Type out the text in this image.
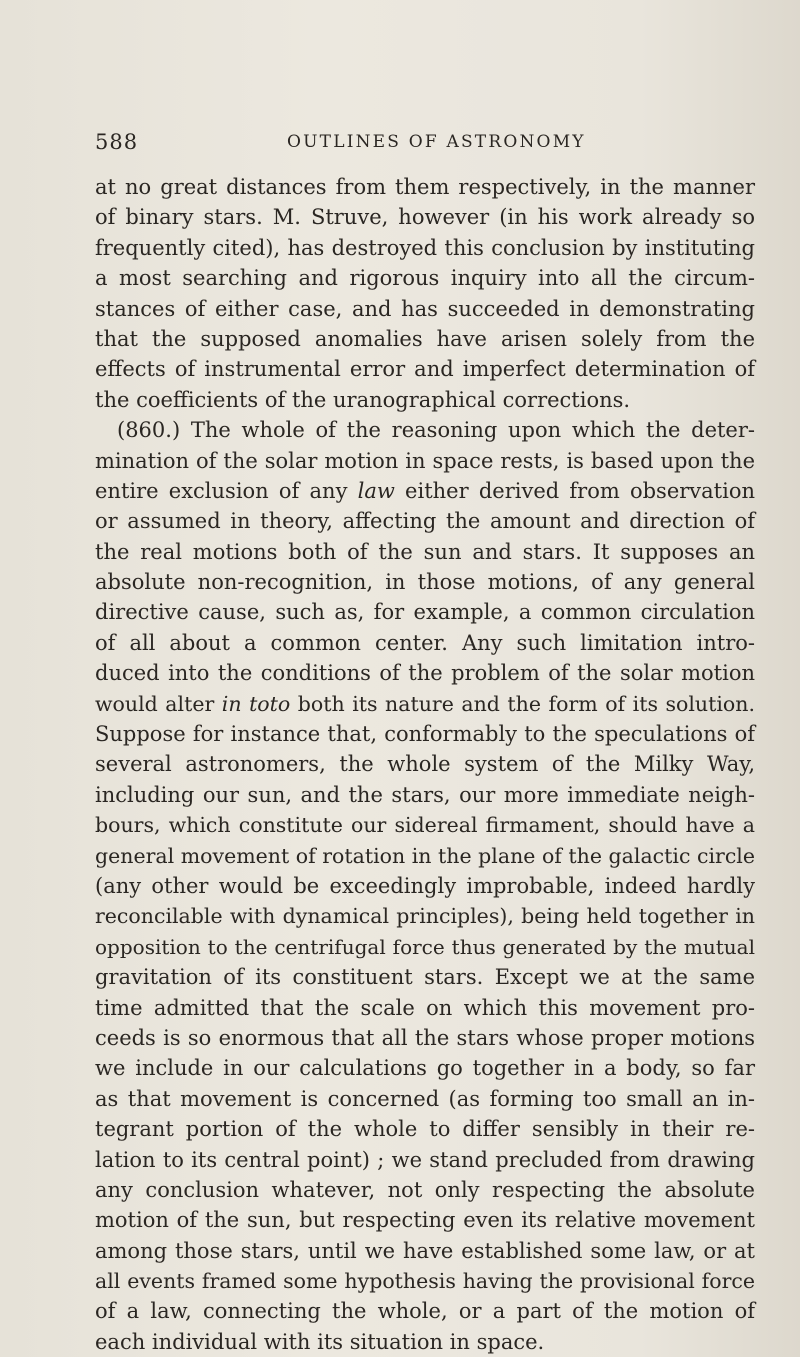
588	OUTLINES OF ASTRONOMY
at no great distances from them respectively, in the manner
of binary stars. M. Struve, however (in his work already so
frequently cited), has destroyed this conclusion by instituting
a most searching and rigorous inquiry into all the circum-
stances of either case, and has succeeded in demonstrating
that the supposed anomalies have arisen solely from the
effects of instrumental error and imperfect determination of
the coefficients of the uranographical corrections.
(860.) The whole of the reasoning upon which the deter-
mination of the solar motion in space rests, is based upon the
entire exclusion of any law either derived from observation
or assumed in theory, affecting the amount and direction of
the real motions both of the sun and stars. It supposes an
absolute non-recognition, in those motions, of any general
directive cause, such as, for example, a common circulation
of all about a common center. Any such limitation intro-
duced into the conditions of the problem of the solar motion
would alter in toto both its nature and the form of its solution.
Suppose for instance that, conformably to the speculations of
several astronomers, the whole system of the Milky Way,
including our sun, and the stars, our more immediate neigh-
bours, which constitute our sidereal firmament, should have a
general movement of rotation in the plane of the galactic circle
(any other would be exceedingly improbable, indeed hardly
reconcilable with dynamical principles), being held together in
opposition to the centrifugal force thus generated by the mutual
gravitation of its constituent stars. Except we at the same
time admitted that the scale on which this movement pro-
ceeds is so enormous that all the stars whose proper motions
we include in our calculations go together in a body, so far
as that movement is concerned (as forming too small an in-
tegrant portion of the whole to differ sensibly in their re-
lation to its central point) ; we stand precluded from drawing
any conclusion whatever, not only respecting the absolute
motion of the sun, but respecting even its relative movement
among those stars, until we have established some law, or at
all events framed some hypothesis having the provisional force
of a law, connecting the whole, or a part of the motion of
each individual with its situation in space.
